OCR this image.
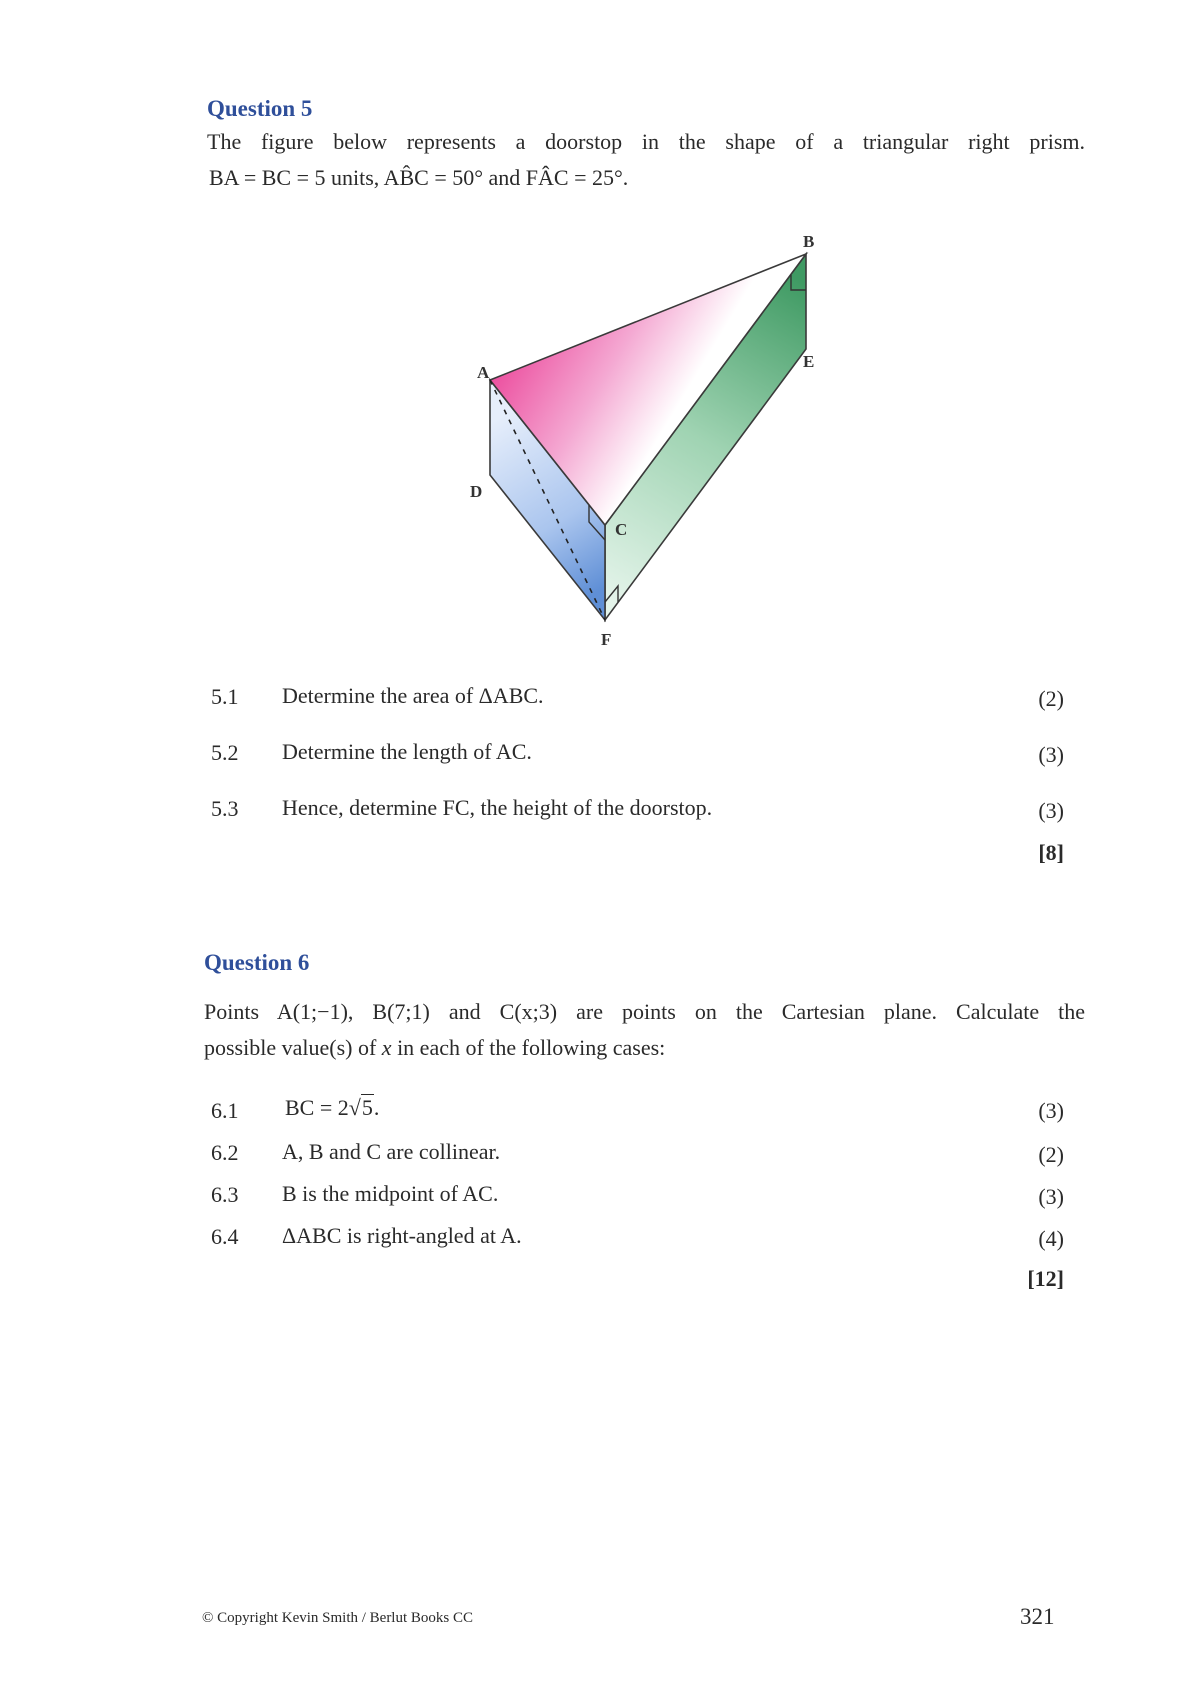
Question 5
The figure below represents a doorstop in the shape of a triangular right prism.
BA = BC = 5 units, AB̂C = 50° and FÂC = 25°.
A
B
C
D
E
F
5.1 Determine the area of ΔABC.	(2)
5.2 Determine the length of AC.	(3)
5.3 Hence, determine FC, the height of the doorstop.	(3)
[8]
Question 6
Points A(1;−1), B(7;1) and C(x;3) are points on the Cartesian plane. Calculate the
possible value(s) of x in each of the following cases:
6.1 BC = 2√5.	(3)
6.2 A, B and C are collinear.	(2)
6.3 B is the midpoint of AC.	(3)
6.4 ΔABC is right-angled at A.	(4)
[12]
© Copyright Kevin Smith / Berlut Books CC	321
